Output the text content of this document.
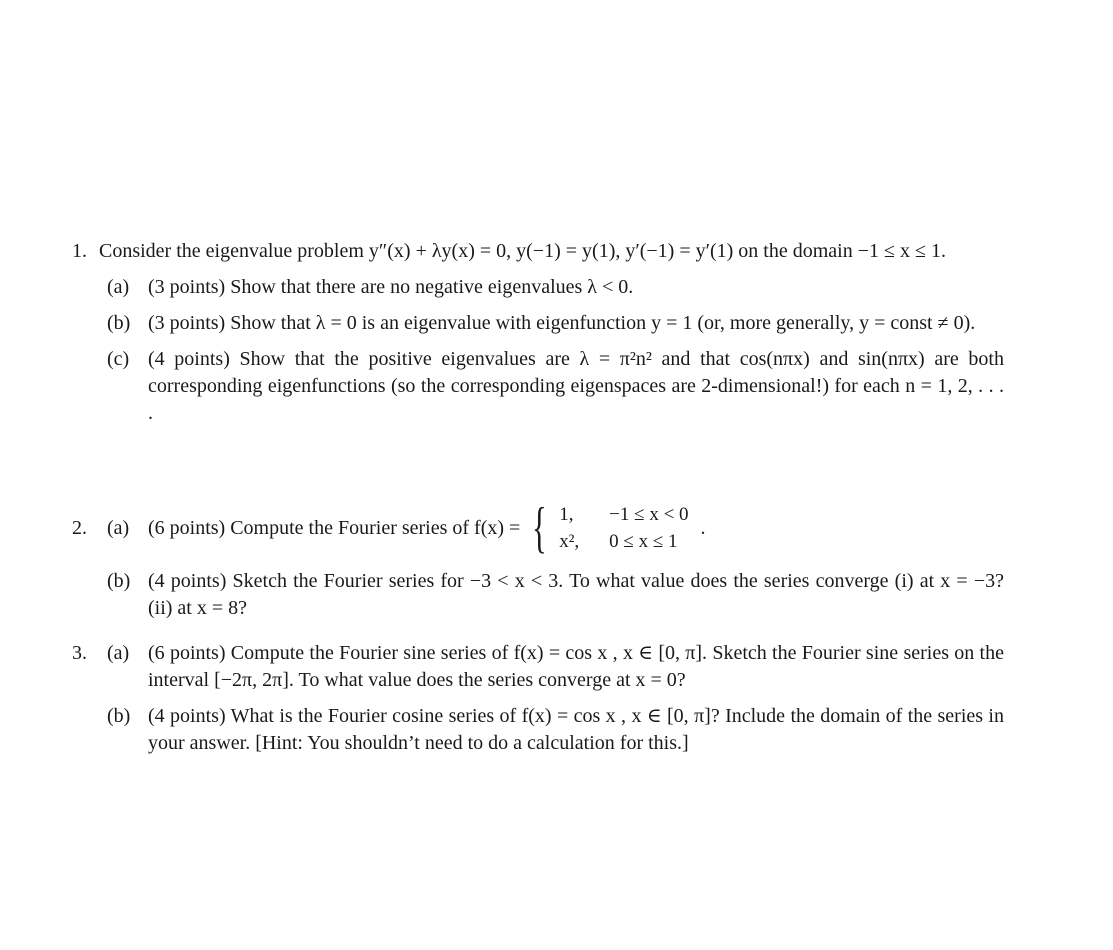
1. Consider the eigenvalue problem y″(x) + λy(x) = 0, y(−1) = y(1), y′(−1) = y′(1) on the domain −1 ≤ x ≤ 1.
(a) (3 points) Show that there are no negative eigenvalues λ < 0.
(b) (3 points) Show that λ = 0 is an eigenvalue with eigenfunction y = 1 (or, more generally, y = const ≠ 0).
(c) (4 points) Show that the positive eigenvalues are λ = π²n² and that cos(nπx) and sin(nπx) are both corresponding eigenfunctions (so the corresponding eigenspaces are 2-dimensional!) for each n = 1, 2, . . . .
2. (a) (6 points) Compute the Fourier series of f(x) = { 1,	−1 ≤ x < 0
x², 0 ≤ x ≤ 1
.
(b) (4 points) Sketch the Fourier series for −3 < x < 3. To what value does the series converge (i) at x = −3? (ii) at x = 8?
3. (a) (6 points) Compute the Fourier sine series of f(x) = cos x , x ∈ [0, π]. Sketch the Fourier sine series on the interval [−2π, 2π]. To what value does the series converge at x = 0?
(b) (4 points) What is the Fourier cosine series of f(x) = cos x , x ∈ [0, π]? Include the domain of the series in your answer. [Hint: You shouldn’t need to do a calculation for this.]
